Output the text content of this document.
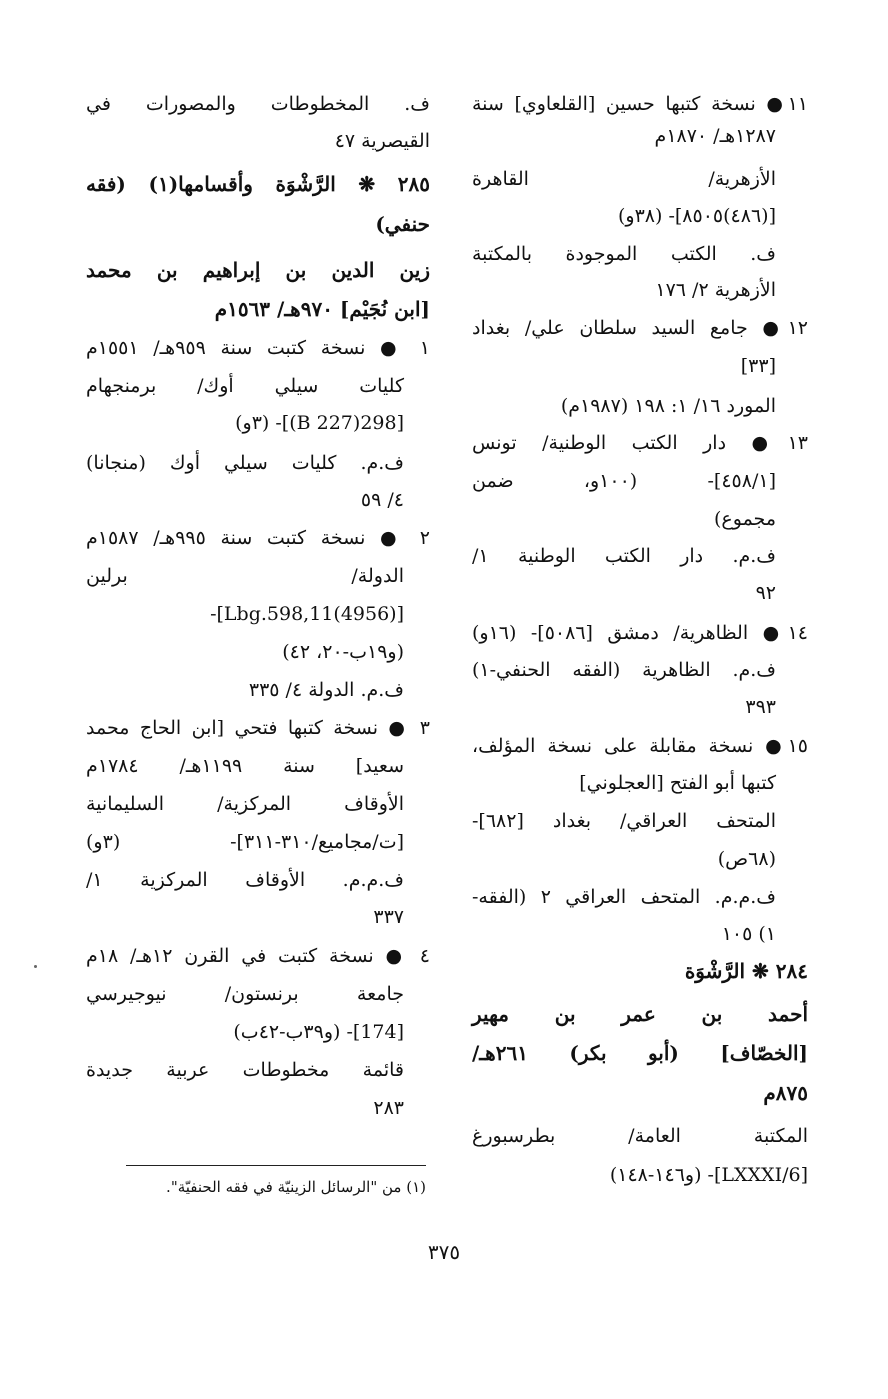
١١● نسخة كتبها حسين [القلعاوي] سنة
١٢٨٧هـ/ ١٨٧٠م
الأزهرية/ القاهرة
[(٤٨٦)٨٥٠٥]- (٣٨و)
ف. الكتب الموجودة بالمكتبة
الأزهرية ٢/ ١٧٦
١٢● جامع السيد سلطان علي/ بغداد
[٣٣]
المورد ١٦/ ١: ١٩٨ (١٩٨٧م)
١٣● دار الكتب الوطنية/ تونس
[٤٥٨/١]- (١٠٠و، ضمن
مجموع)
ف.م. دار الكتب الوطنية ١/
٩٢
١٤● الظاهرية/ دمشق [٥٠٨٦]- (١٦و)
ف.م. الظاهرية (الفقه الحنفي-١)
٣٩٣
١٥● نسخة مقابلة على نسخة المؤلف،
كتبها أبو الفتح [العجلوني]
المتحف العراقي/ بغداد [٦٨٢]-
(٦٨ص)
ف.م.م. المتحف العراقي ٢ (الفقه-
١) ١٠٥
٢٨٤ ❋ الرَّشْوَة
أحمد بن عمر بن مهير
[الخصّاف] (أبو بكر) ٢٦١هـ/
٨٧٥م
المكتبة العامة/ بطرسبورغ
[LXXXI/6]- (و١٤٦-١٤٨)
ف. المخطوطات والمصورات في
القيصرية ٤٧
٢٨٥ ❋ الرَّشْوَة وأقسامها(١) (فقه
حنفي)
زين الدين بن إبراهيم بن محمد
[ابن نُجَيْم] ٩٧٠هـ/ ١٥٦٣م
١ ● نسخة كتبت سنة ٩٥٩هـ/ ١٥٥١م
كليات سيلي أوك/ برمنجهام
[298(227 B)]- (٣و)
ف.م. كليات سيلي أوك (منجانا)
٤/ ٥٩
٢ ● نسخة كتبت سنة ٩٩٥هـ/ ١٥٨٧م
الدولة/ برلين
[(4956)Lbg.598,11]-
(و١٩ب-٢٠، ٤٢)
ف.م. الدولة ٤/ ٣٣٥
٣ ● نسخة كتبها فتحي [ابن الحاج محمد
سعيد] سنة ١١٩٩هـ/ ١٧٨٤م
الأوقاف المركزية/ السليمانية
[ت/مجاميع/٣١٠-٣١١]- (٣و)
ف.م.م. الأوقاف المركزية ١/
٣٣٧
٤ ● نسخة كتبت في القرن ١٢هـ/ ١٨م
جامعة برنستون/ نيوجيرسي
[174]- (و٣٩ب-٤٢ب)
قائمة مخطوطات عربية جديدة
٢٨٣
(١) من "الرسائل الزينيّة في فقه الحنفيّة".
٣٧٥
